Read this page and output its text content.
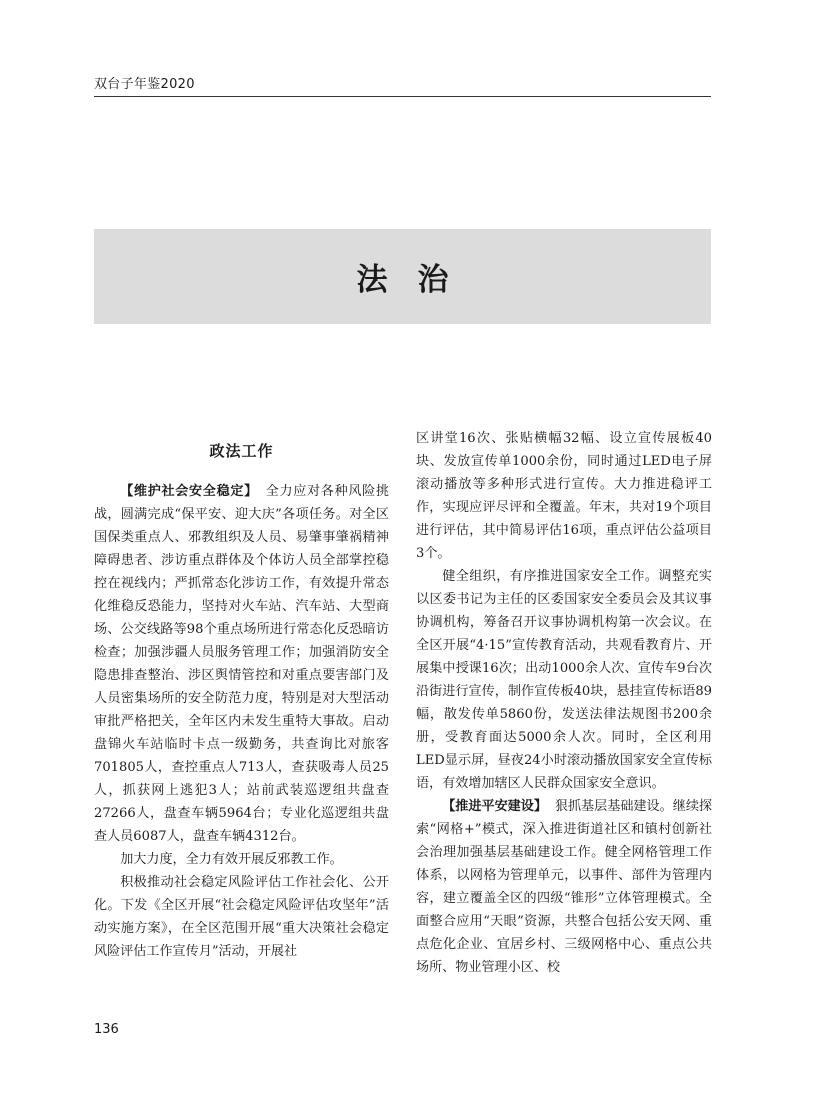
双台子年鉴2020
法治
政法工作

【维护社会安全稳定】 全力应对各种风险挑战，圆满完成“保平安、迎大庆”各项任务。对全区国保类重点人、邪教组织及人员、易肇事肇祸精神障碍患者、涉访重点群体及个体访人员全部掌控稳控在视线内；严抓常态化涉访工作，有效提升常态化维稳反恐能力，坚持对火车站、汽车站、大型商场、公交线路等98个重点场所进行常态化反恐暗访检查；加强涉疆人员服务管理工作；加强消防安全隐患排查整治、涉区舆情管控和对重点要害部门及人员密集场所的安全防范力度，特别是对大型活动审批严格把关，全年区内未发生重特大事故。启动盘锦火车站临时卡点一级勤务，共查询比对旅客701805人，查控重点人713人，查获吸毒人员25人，抓获网上逃犯3人；站前武装巡逻组共盘查27266人，盘查车辆5964台；专业化巡逻组共盘查人员6087人，盘查车辆4312台。

加大力度，全力有效开展反邪教工作。

积极推动社会稳定风险评估工作社会化、公开化。下发《全区开展“社会稳定风险评估攻坚年”活动实施方案》，在全区范围开展“重大决策社会稳定风险评估工作宣传月”活动，开展社

区讲堂16次、张贴横幅32幅、设立宣传展板40块、发放宣传单1000余份，同时通过LED电子屏滚动播放等多种形式进行宣传。大力推进稳评工作，实现应评尽评和全覆盖。年末，共对19个项目进行评估，其中简易评估16项，重点评估公益项目3个。

健全组织，有序推进国家安全工作。调整充实以区委书记为主任的区委国家安全委员会及其议事协调机构，筹备召开议事协调机构第一次会议。在全区开展“4·15”宣传教育活动，共观看教育片、开展集中授课16次；出动1000余人次、宣传车9台次沿街进行宣传，制作宣传板40块，悬挂宣传标语89幅，散发传单5860份，发送法律法规图书200余册，受教育面达5000余人次。同时，全区利用LED显示屏，昼夜24小时滚动播放国家安全宣传标语，有效增加辖区人民群众国家安全意识。

【推进平安建设】 狠抓基层基础建设。继续探索“网格+”模式，深入推进街道社区和镇村创新社会治理加强基层基础建设工作。健全网格管理工作体系，以网格为管理单元，以事件、部件为管理内容，建立覆盖全区的四级“锥形”立体管理模式。全面整合应用“天眼”资源，共整合包括公安天网、重点危化企业、宜居乡村、三级网格中心、重点公共场所、物业管理小区、校

136
